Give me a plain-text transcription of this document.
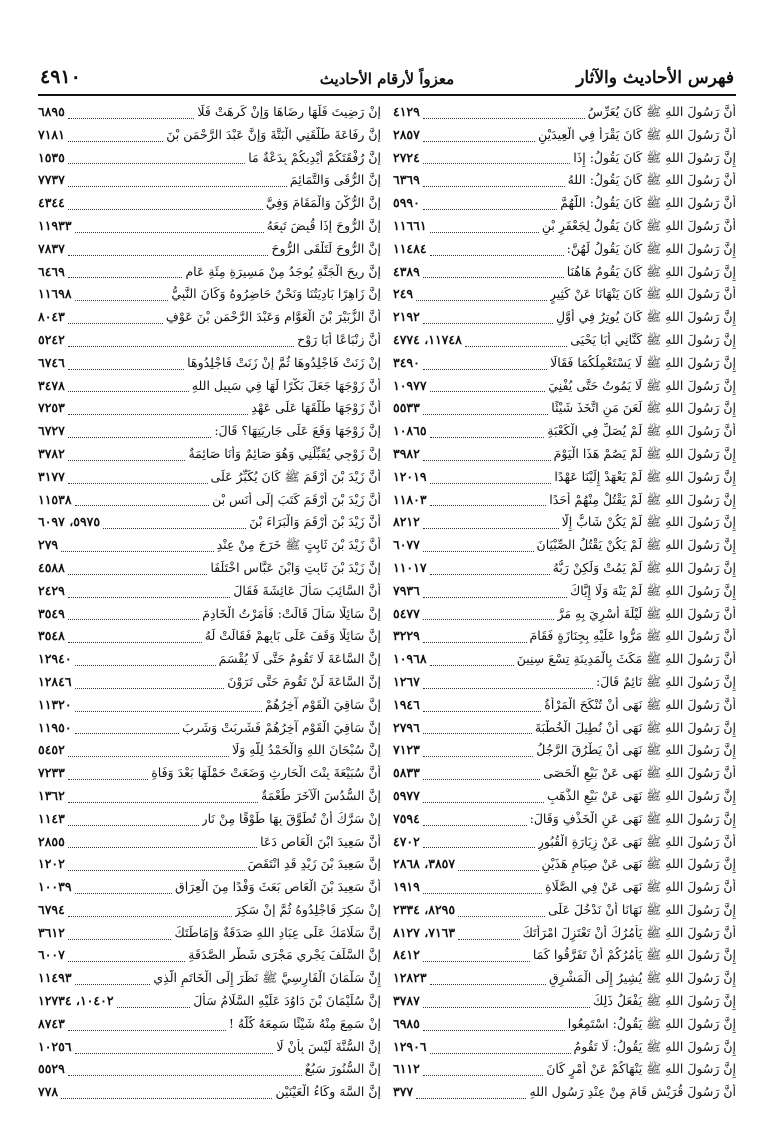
فهرس الأحاديث والآثار
معزواً لأرقام الأحاديث
٤٩١٠
أَنَّ رَسُولَ اللهِ ﷺ كَانَ يُعَرِّسُ
٤١٢٩
أَنَّ رَسُولَ اللهِ ﷺ كَانَ يَقْرَأُ فِي الْعِيدَيْنِ
٢٨٥٧
إِنَّ رَسُولَ اللهِ ﷺ كَانَ يَقُولُ: إِذَا
٢٧٢٤
أَنَّ رَسُولَ اللهِ ﷺ كَانَ يَقُولُ: اللهُ
٦٣٦٩
أَنَّ رَسُولَ اللهِ ﷺ كَانَ يَقُولُ: اللَّهُمَّ
٥٩٩٠
أَنَّ رَسُولَ اللهِ ﷺ كَانَ يَقُولُ لِجَعْفَرِ بْنِ
١١٦٦١
إِنَّ رَسُولَ اللهِ ﷺ كَانَ يَقُولُ لَهُنَّ:
١١٤٨٤
إِنَّ رَسُولَ اللهِ ﷺ كَانَ يَقُومُ هَاهُنَا
٤٣٨٩
أَنَّ رَسُولَ اللهِ ﷺ كَانَ يَنْهَانَا عَنْ كَثِيرٍ
٢٤٩
إِنَّ رَسُولَ اللهِ ﷺ كَانَ يُوتِرُ فِي أَوَّلِ
٢١٩٢
إِنَّ رَسُولَ اللهِ ﷺ كَنَّانِي أَبَا يَحْيَى
١١٧٤٨، ٤٧٧٤
إِنَّ رَسُولَ اللهِ ﷺ لَا يَسْتَعْمِلُكُمَا فَقَالَا
٣٤٩٠
إِنَّ رَسُولَ اللهِ ﷺ لَا يَمُوتُ حَتَّى يُفْنِيَ
١٠٩٧٧
إِنَّ رَسُولَ اللهِ ﷺ لَعَنَ مَنِ اتَّخَذَ شَيْئًا
٥٥٣٣
أَنَّ رَسُولَ اللهِ ﷺ لَمْ يُصَلِّ فِي الْكَعْبَةِ
١٠٨٦٥
إِنَّ رَسُولَ اللهِ ﷺ لَمْ يَصُمْ هَذَا الْيَوْمَ
٣٩٨٢
إِنَّ رَسُولَ اللهِ ﷺ لَمْ يَعْهَدْ إِلَيْنَا عَهْدًا
١٢٠١٩
إِنَّ رَسُولَ اللهِ ﷺ لَمْ يَقْتُلْ مِنْهُمْ أَحَدًا
١١٨٠٣
إِنَّ رَسُولَ اللهِ ﷺ لَمْ يَكُنْ شَابٌّ إِلَّا
٨٢١٢
إِنَّ رَسُولَ اللهِ ﷺ لَمْ يَكُنْ يَقْتُلُ الصِّبْيَانَ
٦٠٧٧
إِنَّ رَسُولَ اللهِ ﷺ لَمْ يَمُتْ وَلَكِنْ رَبُّهُ
١١٠١٧
إِنَّ رَسُولَ اللهِ ﷺ لَمْ يَنْهَ وَلَا إِيَّاكَ
٧٩٣٦
أَنَّ رَسُولَ اللهِ ﷺ لَيْلَةَ أُسْرِيَ بِهِ مَرَّ
٥٤٧٧
أَنَّ رَسُولَ اللهِ ﷺ مَرُّوا عَلَيْهِ بِجِنَازَةٍ فَقَامَ
٣٢٢٩
أَنَّ رَسُولَ اللهِ ﷺ مَكَثَ بِالْمَدِينَةِ تِسْعَ سِنِينَ
١٠٩٦٨
إِنَّ رَسُولَ اللهِ ﷺ نَائِمٌ قَالَ:
١٢٦٧
أَنَّ رَسُولَ اللهِ ﷺ نَهَى أَنْ تُنْكَحَ الْمَرْأَةُ
١٩٤٦
إِنَّ رَسُولَ اللهِ ﷺ نَهَى أَنْ نُطِيلَ الْخُطْبَةَ
٢٧٩٦
إِنَّ رَسُولَ اللهِ ﷺ نَهَى أَنْ يَطْرُقَ الرَّجُلُ
٧١٢٣
أَنَّ رَسُولَ اللهِ ﷺ نَهَى عَنْ بَيْعِ الْحَصَى
٥٨٣٣
إِنَّ رَسُولَ اللهِ ﷺ نَهَى عَنْ بَيْعِ الذَّهَبِ
٥٩٧٧
إِنَّ رَسُولَ اللهِ ﷺ نَهَى عَنِ الْخَذْفِ وَقَالَ:
٧٥٩٤
أَنَّ رَسُولَ اللهِ ﷺ نَهَى عَنْ زِيَارَةِ الْقُبُورِ
٤٧٠٢
إِنَّ رَسُولَ اللهِ ﷺ نَهَى عَنْ صِيَامِ هَذَيْنِ
٣٨٥٧، ٢٨٦٨
أَنَّ رَسُولَ اللهِ ﷺ نَهَى عَنْ فِي الصَّلَاةِ
١٩١٩
إِنَّ رَسُولَ اللهِ ﷺ نَهَانَا أَنْ نَدْخُلَ عَلَى
٨٢٩٥، ٢٣٣٤
أَنَّ رَسُولَ اللهِ ﷺ يَأْمُرُكَ أَنْ تَعْتَزِلَ امْرَأَتَكَ
٧١٦٣، ٨١٢٧
إِنَّ رَسُولَ اللهِ ﷺ يَأْمُرُكُمْ أَنْ تَفَرَّقُوا كَمَا
٨٤١٢
إِنَّ رَسُولَ اللهِ ﷺ يُشِيرُ إِلَى الْمَشْرِقِ
١٢٨٢٣
إِنَّ رَسُولَ اللهِ ﷺ يَفْعَلُ ذَلِكَ
٣٧٨٧
إِنَّ رَسُولَ اللهِ ﷺ يَقُولُ: اسْتَمِعُوا
٦٩٨٥
إِنَّ رَسُولَ اللهِ ﷺ يَقُولُ: لَا تَقُومُ
١٢٩٠٦
إِنَّ رَسُولَ اللهِ ﷺ يَنْهَاكُمْ عَنْ أَمْرٍ كَانَ
٦١١٢
أَنَّ رَسُولَ قُرَيْشٍ قَامَ مِنْ عِنْدِ رَسُولِ اللهِ
٣٧٧
إِنْ رَضِيتَ فَلَهَا رِضَاهَا وَإِنْ كَرِهَتْ فَلَا
٦٨٩٥
إِنَّ رِفَاعَةَ طَلَّقَنِي الْبَتَّةَ وَإِنَّ عَبْدَ الرَّحْمَنِ بْنَ
٧١٨١
إِنَّ رُفْقَتَكُمْ أَيْدِيكُمْ بِدَعْةٌ مَا
١٥٣٥
إِنَّ الرُّقَى وَالتَّمَائِمَ
٧٧٣٧
إِنَّ الرُّكْنَ وَالْمَقَامَ وَفِيَّ
٤٣٤٤
إِنَّ الرُّوحَ إِذَا قُبِضَ تَبِعَهُ
١١٩٣٣
إِنَّ الرُّوحَ لَتَلْقَى الرُّوحَ
٧٨٣٧
إِنَّ رِيحَ الْجَنَّةِ يُوجَدُ مِنْ مَسِيرَةِ مِئَةِ عَامٍ
٦٤٦٩
إِنَّ زَاهِرًا بَادِيَتُنَا وَنَحْنُ حَاضِرُوهُ وَكَانَ النَّبِيُّ
١١٦٩٨
أَنَّ الزُّبَيْرَ بْنَ الْعَوَّامِ وَعَبْدَ الرَّحْمَنِ بْنَ عَوْفٍ
٨٠٤٣
أَنَّ زِنْبَاعًا أَبَا رَوْحٍ
٥٢٤٢
إِنْ زَنَتْ فَاجْلِدُوهَا ثُمَّ إِنْ زَنَتْ فَاجْلِدُوهَا
٦٧٤٦
أَنَّ زَوْجَهَا جَعَلَ بَكْرًا لَهَا فِي سَبِيلِ اللهِ
٣٤٧٨
أَنَّ زَوْجَهَا طَلَّقَهَا عَلَى عَهْدِ
٧٢٥٣
إِنَّ زَوْجَهَا وَقَعَ عَلَى جَارِيَتِهَا؟ قَالَ:
٦٧٢٧
إِنَّ زَوْجِي يُقَبِّلُنِي وَهُوَ صَائِمٌ وَأَنَا صَائِمَةٌ
٣٧٨٢
أَنَّ زَيْدَ بْنَ أَرْقَمَ ﷺ كَانَ يُكَبِّرُ عَلَى
٣١٧٧
أَنَّ زَيْدَ بْنَ أَرْقَمَ كَتَبَ إِلَى أَنَسِ بْنِ
١١٥٣٨
أَنَّ زَيْدَ بْنَ أَرْقَمَ وَالْبَرَاءَ بْنَ
٥٩٧٥، ٦٠٩٧
أَنَّ زَيْدَ بْنَ ثَابِتٍ ﷺ خَرَجَ مِنْ عِنْدِ
٢٧٩
إِنَّ زَيْدَ بْنَ ثَابِتٍ وَابْنَ عَبَّاسٍ اخْتَلَفَا
٤٥٨٨
أَنَّ السَّائِبَ سَأَلَ عَائِشَةَ فَقَالَ
٢٤٢٩
إِنَّ سَائِلًا سَأَلَ قَالَتْ: فَأَمَرْتُ الْخَادِمَ
٣٥٤٩
إِنَّ سَائِلًا وَقَفَ عَلَى بَابِهِمْ فَقَالَتْ لَهُ
٣٥٤٨
إِنَّ السَّاعَةَ لَا تَقُومُ حَتَّى لَا يُقْسَمَ
١٢٩٤٠
إِنَّ السَّاعَةَ لَنْ تَقُومَ حَتَّى تَرَوْنَ
١٢٨٤٦
إِنَّ سَاقِيَ الْقَوْمِ آخِرُهُمْ
١١٣٢٠
إِنَّ سَاقِيَ الْقَوْمِ آخِرُهُمْ فَشَرِبَتْ وَشَرِبَ
١١٩٥٠
إِنَّ سُبْحَانَ اللهِ وَالْحَمْدُ لِلَّهِ وَلَا
٥٤٥٢
أَنَّ سُبَيْعَةَ بِنْتَ الْحَارِثِ وَضَعَتْ حَمْلَهَا بَعْدَ وَفَاةِ
٧٢٣٣
إِنَّ السُّدُسَ الْآخَرَ طُعْمَةٌ
١٣٦٢
إِنْ سَرَّكَ أَنْ تُطَوَّقَ بِهَا طَوْقًا مِنْ نَارٍ
١١٤٣
أَنَّ سَعِيدَ ابْنَ الْعَاصِ دَعَا
٢٨٥٥
إِنَّ سَعِيدَ بْنَ زَيْدٍ قَدِ انْتَقَصَ
١٢٠٢
أَنَّ سَعِيدَ بْنَ الْعَاصِ بَعَثَ وَفْدًا مِنَ الْعِرَاقِ
١٠٠٣٩
إِنْ سَكِرَ فَاجْلِدُوهُ ثُمَّ إِنْ سَكِرَ
٦٧٩٤
إِنَّ سَلَامَكَ عَلَى عِبَادِ اللهِ صَدَقَةٌ وَإِمَاطَتَكَ
٣٦١٢
إِنَّ السَّلَفَ يَجْرِي مَجْرَى شَطْرِ الصَّدَقَةِ
٦٠٠٧
إِنَّ سَلْمَانَ الْفَارِسِيَّ ﷺ نَظَرَ إِلَى الْخَاتَمِ الَّذِي
١١٤٩٣
إِنَّ سُلَيْمَانَ بْنَ دَاوُدَ عَلَيْهِ السَّلَامُ سَأَلَ
١٠٤٠٢، ١٢٧٣٤
إِنْ سَمِعَ مِنْهُ شَيْئًا سَمِعَهُ كُلَّهُ !
٨٧٤٣
إِنَّ السُّنَّةَ لَيْسَ بِأَنْ لَا
١٠٢٥٦
إِنَّ السُّنُورَ سَبُعٌ
٥٥٢٩
إِنَّ السَّهَ وِكَاءُ الْعَيْنَيْنِ
٧٧٨
